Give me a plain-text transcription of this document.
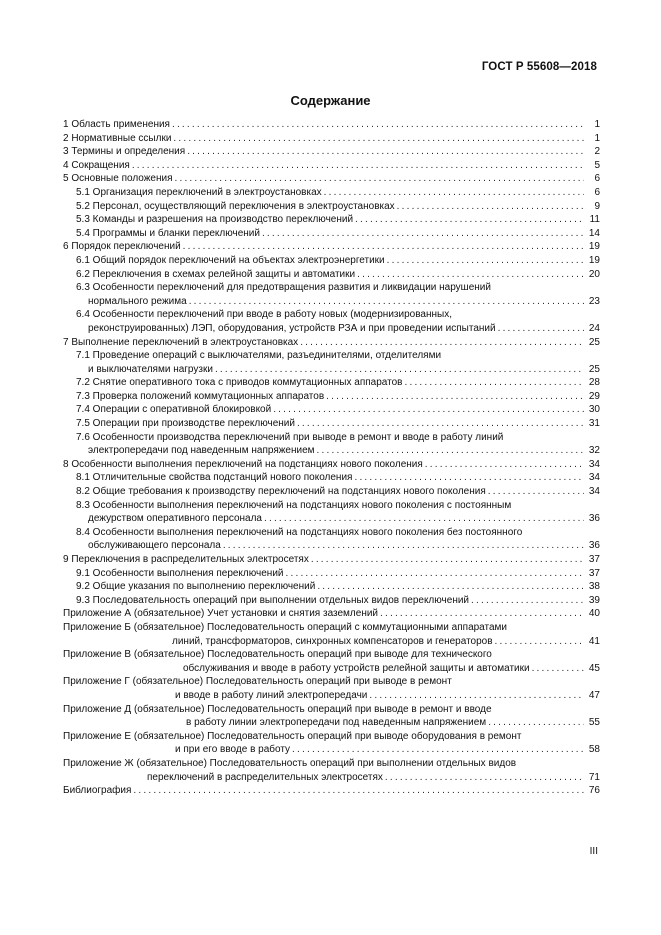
ГОСТ Р 55608—2018
Содержание
1 Область применения .....	1
2 Нормативные ссылки .....	1
3 Термины и определения .....	2
4 Сокращения .....	5
5 Основные положения .....	6
5.1 Организация переключений в электроустановках .....	6
5.2 Персонал, осуществляющий переключения в электроустановках .....	9
5.3 Команды и разрешения на производство переключений .....	11
5.4 Программы и бланки переключений .....	14
6 Порядок переключений .....	19
6.1 Общий порядок переключений на объектах электроэнергетики .....	19
6.2 Переключения в схемах релейной защиты и автоматики .....	20
6.3 Особенности переключений для предотвращения развития и ликвидации нарушений
нормального режима .....	23
6.4 Особенности переключений при вводе в работу новых (модернизированных,
реконструированных) ЛЭП, оборудования, устройств РЗА и при проведении испытаний .....	24
7 Выполнение переключений в электроустановках .....	25
7.1 Проведение операций с выключателями, разъединителями, отделителями
и выключателями нагрузки .....	25
7.2 Снятие оперативного тока с приводов коммутационных аппаратов .....	28
7.3 Проверка положений коммутационных аппаратов .....	29
7.4 Операции с оперативной блокировкой .....	30
7.5 Операции при производстве переключений .....	31
7.6 Особенности производства переключений при выводе в ремонт и вводе в работу линий
электропередачи под наведенным напряжением .....	32
8 Особенности выполнения переключений на подстанциях нового поколения .....	34
8.1 Отличительные свойства подстанций нового поколения .....	34
8.2 Общие требования к производству переключений на подстанциях нового поколения .....	34
8.3 Особенности выполнения переключений на подстанциях нового поколения с постоянным
дежурством оперативного персонала .....	36
8.4 Особенности выполнения переключений на подстанциях нового поколения без постоянного
обслуживающего персонала .....	36
9 Переключения в распределительных электросетях .....	37
9.1 Особенности выполнения переключений .....	37
9.2 Общие указания по выполнению переключений .....	38
9.3 Последовательность операций при выполнении отдельных видов переключений .....	39
Приложение А (обязательное) Учет установки и снятия заземлений .....	40
Приложение Б (обязательное) Последовательность операций с коммутационными аппаратами
линий, трансформаторов, синхронных компенсаторов и генераторов .....	41
Приложение В (обязательное) Последовательность операций при выводе для технического
обслуживания и вводе в работу устройств релейной защиты и автоматики .....	45
Приложение Г (обязательное) Последовательность операций при выводе в ремонт
и вводе в работу линий электропередачи .....	47
Приложение Д (обязательное) Последовательность операций при выводе в ремонт и вводе
в работу линии электропередачи под наведенным напряжением .....	55
Приложение Е (обязательное) Последовательность операций при выводе оборудования в ремонт
и при его вводе в работу .....	58
Приложение Ж (обязательное) Последовательность операций при выполнении отдельных видов
переключений в распределительных электросетях .....	71
Библиография .....	76
III
